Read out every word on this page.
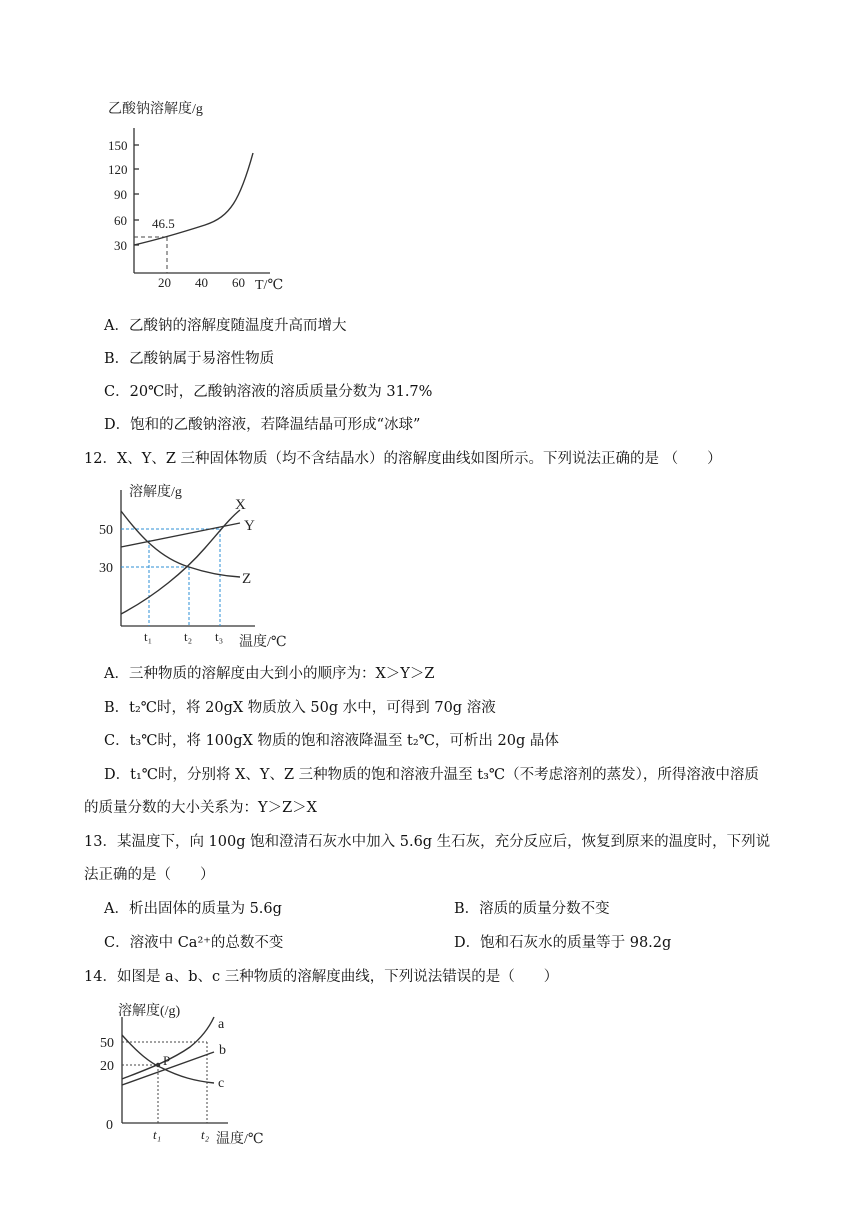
乙酸钠溶解度/g
150
120
90
60
30
20 40 60 T/℃
46.5
A．乙酸钠的溶解度随温度升高而增大
B．乙酸钠属于易溶性物质
C．20℃时，乙酸钠溶液的溶质质量分数为 31.7%
D．饱和的乙酸钠溶液，若降温结晶可形成“冰球”
12．X、Y、Z 三种固体物质（均不含结晶水）的溶解度曲线如图所示。下列说法正确的是 （　　）
溶解度/g
50
30
t₁ t₂ t₃ 温度/℃
X
Y
Z
A．三种物质的溶解度由大到小的顺序为：X＞Y＞Z
B．t₂℃时，将 20gX 物质放入 50g 水中，可得到 70g 溶液
C．t₃℃时，将 100gX 物质的饱和溶液降温至 t₂℃，可析出 20g 晶体
D．t₁℃时，分别将 X、Y、Z 三种物质的饱和溶液升温至 t₃℃（不考虑溶剂的蒸发），所得溶液中溶质
的质量分数的大小关系为：Y＞Z＞X
13．某温度下，向 100g 饱和澄清石灰水中加入 5.6g 生石灰，充分反应后，恢复到原来的温度时，下列说
法正确的是（　　）
A．析出固体的质量为 5.6g	B．溶质的质量分数不变
C．溶液中 Ca²⁺的总数不变	D．饱和石灰水的质量等于 98.2g
14．如图是 a、b、c 三种物质的溶解度曲线，下列说法错误的是（　　）
溶解度(/g)
50
20
0
t₁	t₂ 温度/℃
P
a
b
c
